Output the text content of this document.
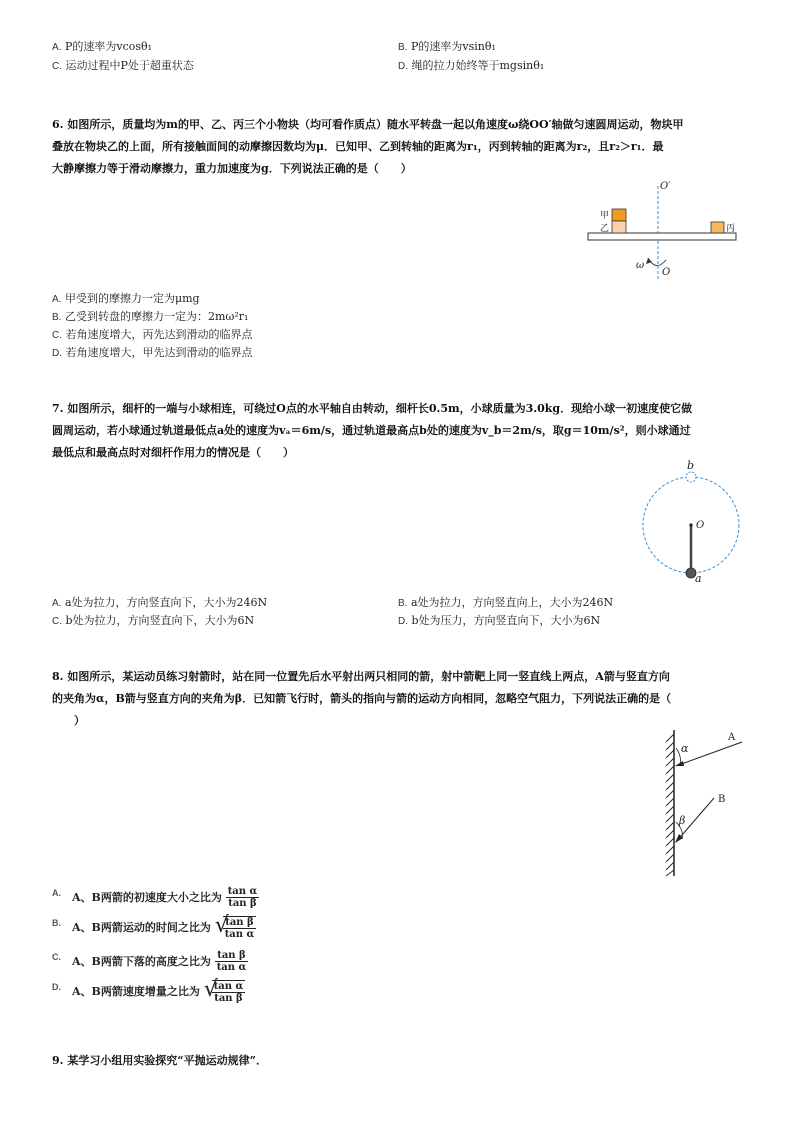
A. P的速率为vcosθ₁	B. P的速率为vsinθ₁
C. 运动过程中P处于超重状态	D. 绳的拉力始终等于mgsinθ₁
6. 如图所示，质量均为m的甲、乙、丙三个小物块（均可看作质点）随水平转盘一起以角速度ω绕OO′轴做匀速圆周运动，物块甲
叠放在物块乙的上面，所有接触面间的动摩擦因数均为μ．已知甲、乙到转轴的距离为r₁，丙到转轴的距离为r₂，且r₂＞r₁．最
大静摩擦力等于滑动摩擦力，重力加速度为g．下列说法正确的是（　　）
O′
O
ω
甲
乙	丙
A. 甲受到的摩擦力一定为μmg
B. 乙受到转盘的摩擦力一定为：2mω²r₁
C. 若角速度增大，丙先达到滑动的临界点
D. 若角速度增大，甲先达到滑动的临界点
7. 如图所示，细杆的一端与小球相连，可绕过O点的水平轴自由转动，细杆长0.5m，小球质量为3.0kg．现给小球一初速度使它做
圆周运动，若小球通过轨道最低点a处的速度为vₐ＝6m/s，通过轨道最高点b处的速度为v_b＝2m/s，取g＝10m/s²，则小球通过
最低点和最高点时对细杆作用力的情况是（　　）
b
O
a
A. a处为拉力，方向竖直向下，大小为246N	B. a处为拉力，方向竖直向上，大小为246N
C. b处为拉力，方向竖直向下，大小为6N	D. b处为压力，方向竖直向下，大小为6N
8. 如图所示，某运动员练习射箭时，站在同一位置先后水平射出两只相同的箭，射中箭靶上同一竖直线上两点，A箭与竖直方向
的夹角为α，B箭与竖直方向的夹角为β．已知箭飞行时，箭头的指向与箭的运动方向相同，忽略空气阻力，下列说法正确的是（
　　）
A
B
α
β
A. A、B两箭的初速度大小之比为 $\frac{\text{tan α}}{\text{tan β}}$
B. A、B两箭运动的时间之比为 √
$\frac{\text{tan β}}{\text{tan α}}$
C. A、B两箭下落的高度之比为 $\frac{\text{tan β}}{\text{tan α}}$
D. A、B两箭速度增量之比为 √
$\frac{\text{tan α}}{\text{tan β}}$
9. 某学习小组用实验探究“平抛运动规律”．
